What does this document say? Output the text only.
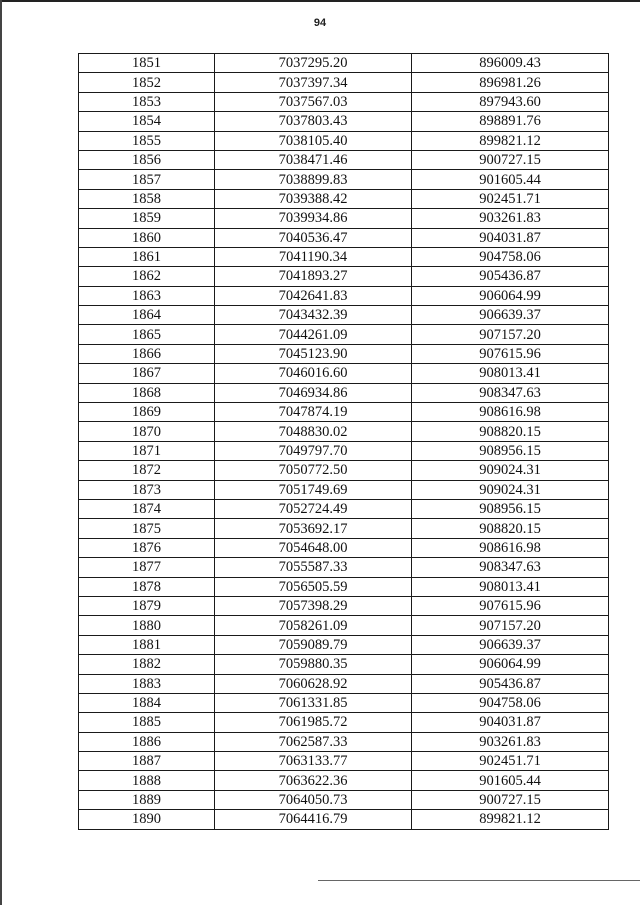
94
1851	7037295.20	896009.43
1852	7037397.34	896981.26
1853	7037567.03	897943.60
1854	7037803.43	898891.76
1855	7038105.40	899821.12
1856	7038471.46	900727.15
1857	7038899.83	901605.44
1858	7039388.42	902451.71
1859	7039934.86	903261.83
1860	7040536.47	904031.87
1861	7041190.34	904758.06
1862	7041893.27	905436.87
1863	7042641.83	906064.99
1864	7043432.39	906639.37
1865	7044261.09	907157.20
1866	7045123.90	907615.96
1867	7046016.60	908013.41
1868	7046934.86	908347.63
1869	7047874.19	908616.98
1870	7048830.02	908820.15
1871	7049797.70	908956.15
1872	7050772.50	909024.31
1873	7051749.69	909024.31
1874	7052724.49	908956.15
1875	7053692.17	908820.15
1876	7054648.00	908616.98
1877	7055587.33	908347.63
1878	7056505.59	908013.41
1879	7057398.29	907615.96
1880	7058261.09	907157.20
1881	7059089.79	906639.37
1882	7059880.35	906064.99
1883	7060628.92	905436.87
1884	7061331.85	904758.06
1885	7061985.72	904031.87
1886	7062587.33	903261.83
1887	7063133.77	902451.71
1888	7063622.36	901605.44
1889	7064050.73	900727.15
1890	7064416.79	899821.12
